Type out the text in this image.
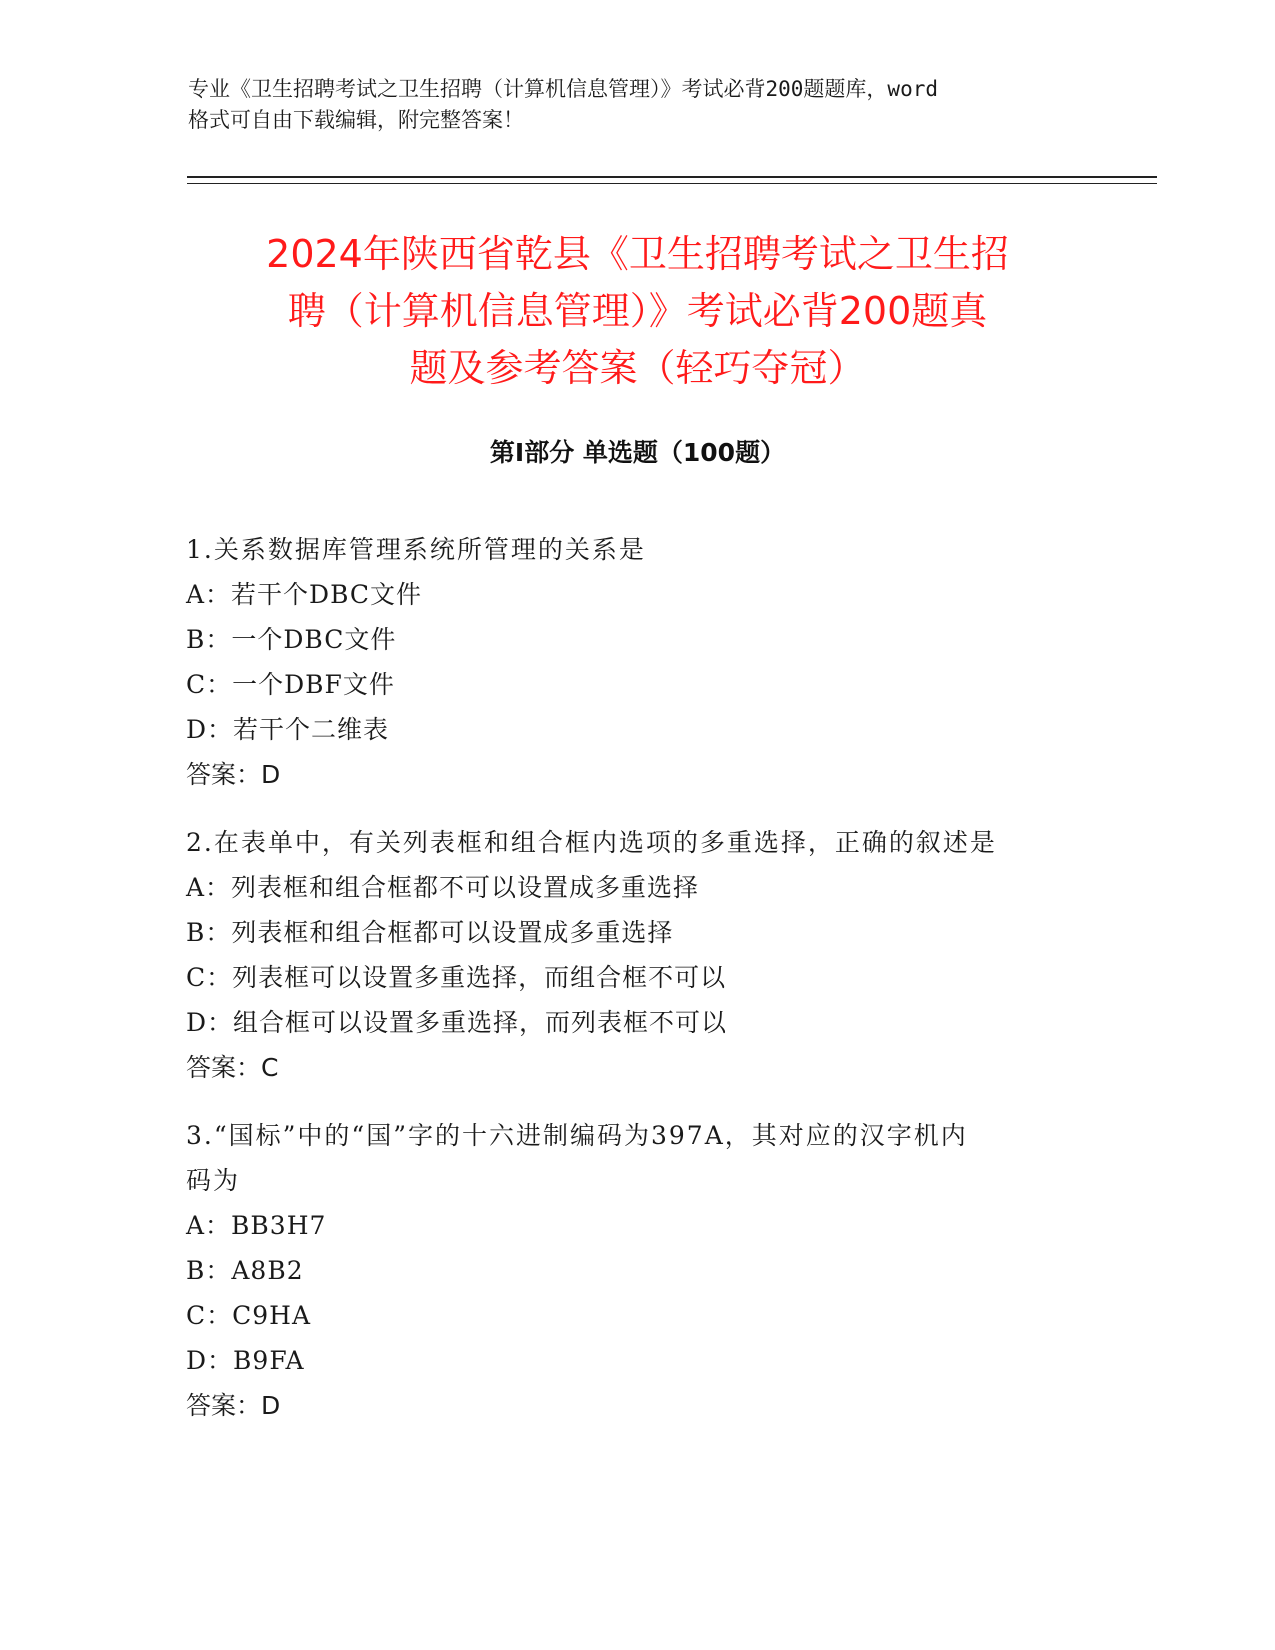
专业《卫生招聘考试之卫生招聘（计算机信息管理）》考试必背200题题库，word
格式可自由下载编辑，附完整答案！
2024年陕西省乾县《卫生招聘考试之卫生招
聘（计算机信息管理）》考试必背200题真
题及参考答案（轻巧夺冠）
第Ⅰ部分 单选题（100题）
1.关系数据库管理系统所管理的关系是
A：若干个DBC文件
B：一个DBC文件
C：一个DBF文件
D：若干个二维表
答案：D
2.在表单中，有关列表框和组合框内选项的多重选择，正确的叙述是
A：列表框和组合框都不可以设置成多重选择
B：列表框和组合框都可以设置成多重选择
C：列表框可以设置多重选择，而组合框不可以
D：组合框可以设置多重选择，而列表框不可以
答案：C
3.“国标”中的“国”字的十六进制编码为397A，其对应的汉字机内
码为
A：BB3H7
B：A8B2
C：C9HA
D：B9FA
答案：D
